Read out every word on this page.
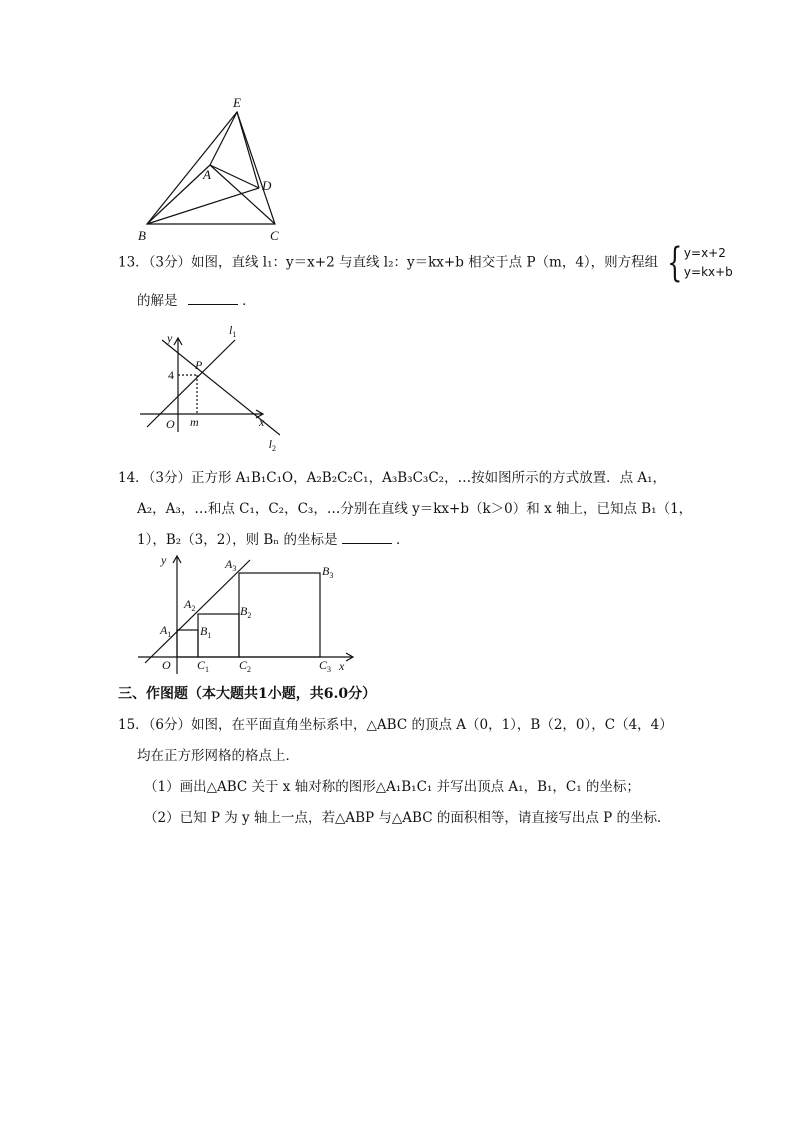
E
A
D
B	C
13．（3分）如图，直线 l₁：y＝x+2 与直线 l₂：y＝kx+b 相交于点 P（m，4），则方程组 { y=x+2
y=kx+b
的解是	．
y
$l_1$
P
4
O m	x
$l_2$
14．（3分）正方形 A₁B₁C₁O，A₂B₂C₂C₁，A₃B₃C₃C₂，…按如图所示的方式放置．点 A₁，
A₂，A₃，…和点 C₁，C₂，C₃，…分别在直线 y＝kx+b（k＞0）和 x 轴上，已知点 B₁（1，
1），B₂（3，2），则 Bₙ 的坐标是	．
y
x
O
$A_1$
$A_2$
$A_3$
$B_1$
$B_2$
$B_3$
$C_1$ $C_2$	$C_3$
三、作图题（本大题共1小题，共6.0分）
15．（6分）如图，在平面直角坐标系中，△ABC 的顶点 A（0，1），B（2，0），C（4，4）
均在正方形网格的格点上．
（1）画出△ABC 关于 x 轴对称的图形△A₁B₁C₁ 并写出顶点 A₁，B₁，C₁ 的坐标；
（2）已知 P 为 y 轴上一点，若△ABP 与△ABC 的面积相等，请直接写出点 P 的坐标．
